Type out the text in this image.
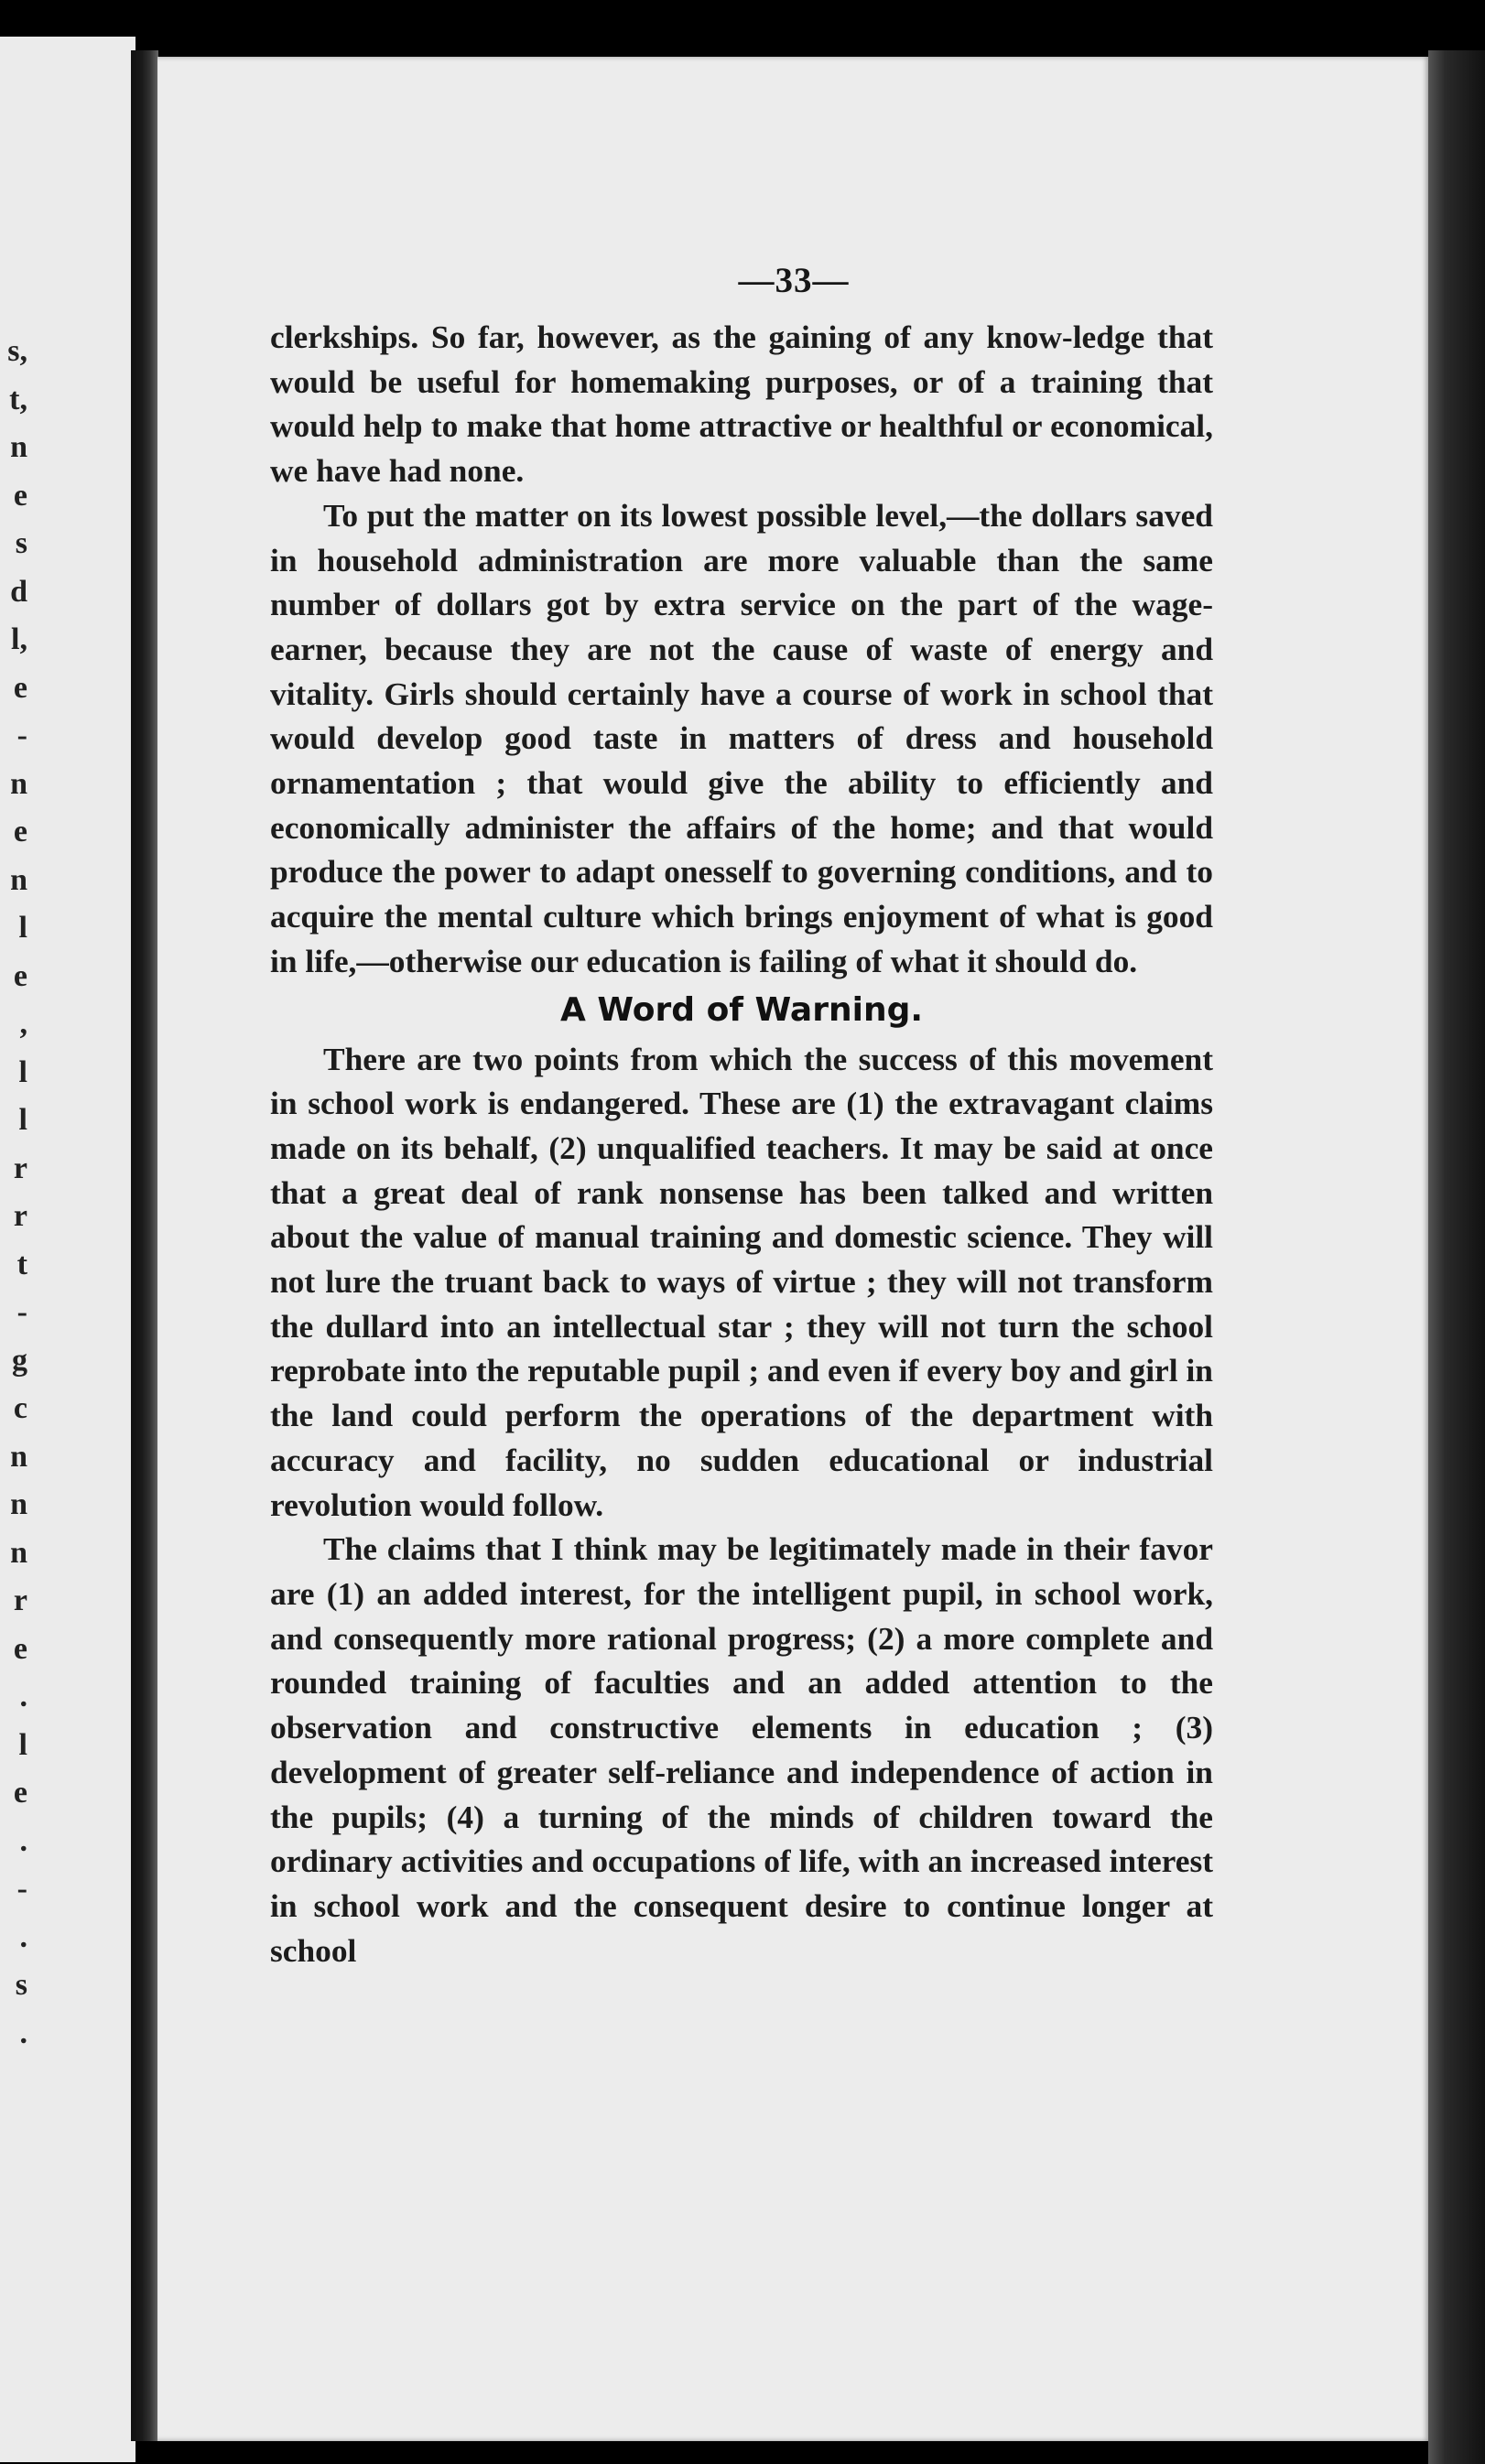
s,
t,
n
e
s
d
l,
e
-
n
e
n
l
e
,
l
l
r
r
t
-
g
c
n
n
n
r
e
.
l
e
.
-
.
s
.
—33—

clerkships. So far, however, as the gaining of any know-ledge that would be useful for homemaking purposes, or of a training that would help to make that home attractive or healthful or economical, we have had none.

To put the matter on its lowest possible level,—the dollars saved in household administration are more valuable than the same number of dollars got by extra service on the part of the wage-earner, because they are not the cause of waste of energy and vitality. Girls should certainly have a course of work in school that would develop good taste in matters of dress and household ornamentation ; that would give the ability to efficiently and economically administer the affairs of the home; and that would produce the power to adapt onesself to governing conditions, and to acquire the mental culture which brings enjoyment of what is good in life,—otherwise our education is failing of what it should do.

A Word of Warning.

There are two points from which the success of this movement in school work is endangered. These are (1) the extravagant claims made on its behalf, (2) unqualified teachers. It may be said at once that a great deal of rank nonsense has been talked and written about the value of manual training and domestic science. They will not lure the truant back to ways of virtue ; they will not transform the dullard into an intellectual star ; they will not turn the school reprobate into the reputable pupil ; and even if every boy and girl in the land could perform the operations of the department with accuracy and facility, no sudden educational or industrial revolution would follow.

The claims that I think may be legitimately made in their favor are (1) an added interest, for the intelligent pupil, in school work, and consequently more rational progress; (2) a more complete and rounded training of faculties and an added attention to the observation and constructive elements in education ; (3) development of greater self-reliance and independence of action in the pupils; (4) a turning of the minds of children toward the ordinary activities and occupations of life, with an increased interest in school work and the consequent desire to continue longer at school
